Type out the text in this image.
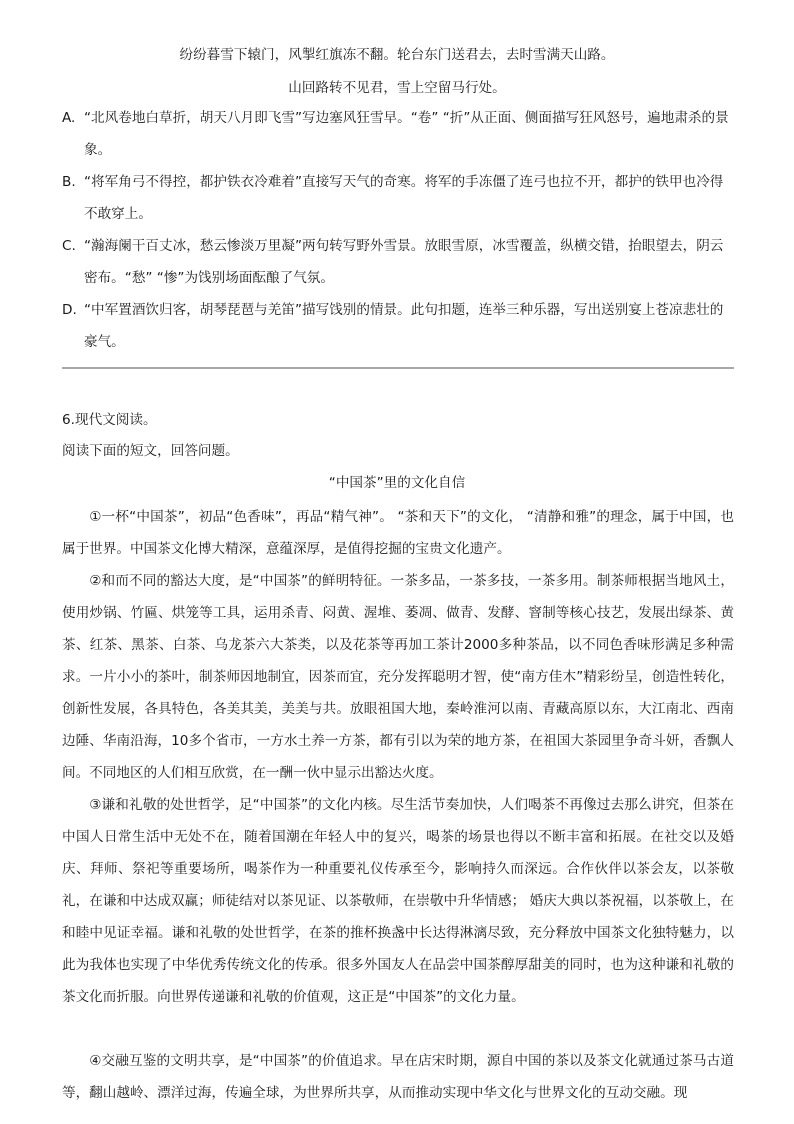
纷纷暮雪下辕门，风掣红旗冻不翻。轮台东门送君去，去时雪满天山路。
山回路转不见君，雪上空留马行处。
A. “北风卷地白草折，胡天八月即飞雪”写边塞风狂雪早。“卷” “折”从正面、侧面描写狂风怒号，遍地肃杀的景象。
B. “将军角弓不得控，都护铁衣冷难着”直接写天气的奇寒。将军的手冻僵了连弓也拉不开，都护的铁甲也冷得不敢穿上。
C. “瀚海阑干百丈冰，愁云惨淡万里凝”两句转写野外雪景。放眼雪原，冰雪覆盖，纵横交错，抬眼望去，阴云密布。“愁” “惨”为饯别场面酝酿了气氛。
D. “中军置酒饮归客，胡琴琵琶与羌笛”描写饯别的情景。此句扣题，连举三种乐器，写出送别宴上苍凉悲壮的豪气。
6.现代文阅读。
阅读下面的短文，回答问题。
“中国茶”里的文化自信
①一杯“中国茶”，初品“色香味”，再品“精气神”。 “茶和天下”的文化， “清静和雅”的理念，属于中国，也属于世界。中国茶文化博大精深，意蕴深厚，是值得挖掘的宝贵文化遗产。
②和而不同的豁达大度，是“中国茶”的鲜明特征。一茶多品，一茶多技，一茶多用。制茶师根据当地风土，使用炒锅、竹匾、烘笼等工具，运用杀青、闷黄、渥堆、萎凋、做青、发酵、窨制等核心技艺，发展出绿茶、黄茶、红茶、黑茶、白茶、乌龙茶六大茶类，以及花茶等再加工茶计2000多种茶品，以不同色香味形满足多种需求。一片小小的茶叶，制茶师因地制宜，因茶而宜，充分发挥聪明才智，使“南方佳木”精彩纷呈，创造性转化，创新性发展，各具特色，各美其美，美美与共。放眼祖国大地，秦岭淮河以南、青藏高原以东，大江南北、西南边陲、华南沿海，10多个省市，一方水土养一方茶，都有引以为荣的地方茶，在祖国大茶园里争奇斗妍，香飘人间。不同地区的人们相互欣赏，在一酬一伙中显示出豁达火度。
③谦和礼敬的处世哲学，足“中国茶”的文化内核。尽生活节奏加快，人们喝茶不再像过去那么讲究，但茶在中国人日常生活中无处不在，随着国潮在年轻人中的复兴，喝茶的场景也得以不断丰富和拓展。在社交以及婚庆、拜师、祭祀等重要场所，喝茶作为一种重要礼仪传承至今，影响持久而深远。合作伙伴以茶会友，以茶敬礼，在谦和中达成双赢；师徒结对以茶见证、以茶敬师，在崇敬中升华情感； 婚庆大典以茶祝福，以茶敬上，在和睦中见证幸福。谦和礼敬的处世哲学，在茶的推杯换盏中长达得淋漓尽致，充分释放中国茶文化独特魅力，以此为我体也实现了中华优秀传统文化的传承。很多外国友人在品尝中国茶醇厚甜美的同时，也为这种谦和礼敬的茶文化而折服。向世界传递谦和礼敬的价值观，这正是“中国茶”的文化力量。
④交融互鉴的文明共享，是“中国茶”的价值追求。早在店宋时期，源自中国的茶以及茶文化就通过茶马古道等，翻山越岭、漂洋过海，传遍全球，为世界所共享，从而推动实现中华文化与世界文化的互动交融。现
